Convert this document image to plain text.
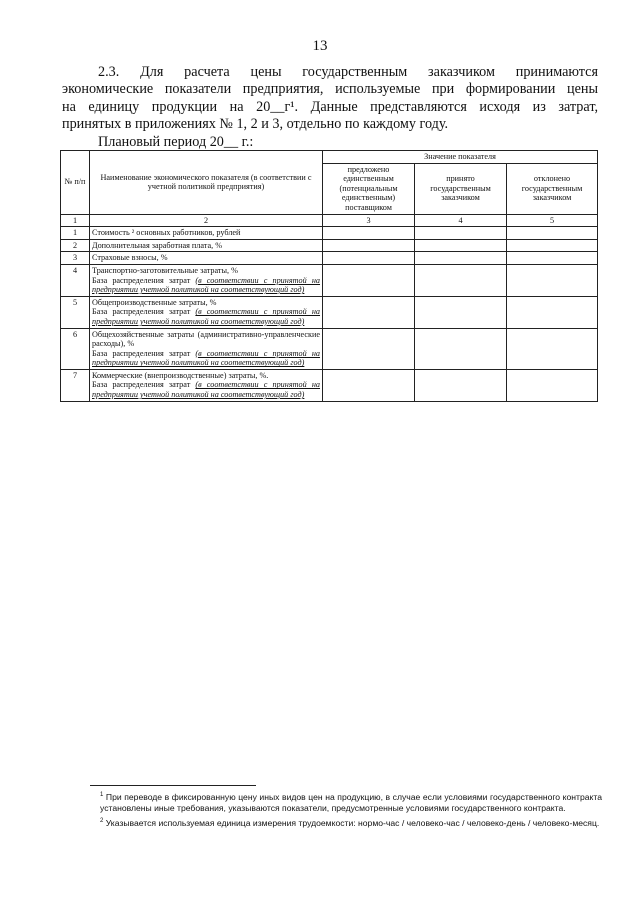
13
2.3. Для расчета цены государственным заказчиком принимаются
экономические показатели предприятия, используемые при формировании цены
на единицу продукции на 20__г¹. Данные представляются исходя из затрат,
принятых в приложениях № 1, 2 и 3, отдельно по каждому году.
Плановый период 20__ г.:
№ п/п	Наименование экономического показателя (в соответствии с учетной политикой предприятия)	Значение показателя		
		предложено единственным (потенциальным единственным) поставщиком	принято государственным заказчиком	отклонено государственным заказчиком
1	2	3	4	5
1	Стоимость ² основных работников, рублей			
2	Дополнительная заработная плата, %			
3	Страховые взносы, %			
4	Транспортно-заготовительные затраты, %
База распределения затрат (в соответствии с принятой на предприятии учетной политикой на соответствующий год)			
5	Общепроизводственные затраты, %
База распределения затрат (в соответствии с принятой на предприятии учетной политикой на соответствующий год)			
6	Общехозяйственные затраты (административно-управленческие расходы), %
База распределения затрат (в соответствии с принятой на предприятии учетной политикой на соответствующий год)			
7	Коммерческие (внепроизводственные) затраты, %.
База распределения затрат (в соответствии с принятой на предприятии учетной политикой на соответствующий год)			

$^1$ При переводе в фиксированную цену иных видов цен на продукцию, в случае если условиями государственного контракта установлены иные требования, указываются показатели, предусмотренные условиями государственного контракта.

$^2$ Указывается используемая единица измерения трудоемкости: нормо-час / человеко-час / человеко-день / человеко-месяц.
